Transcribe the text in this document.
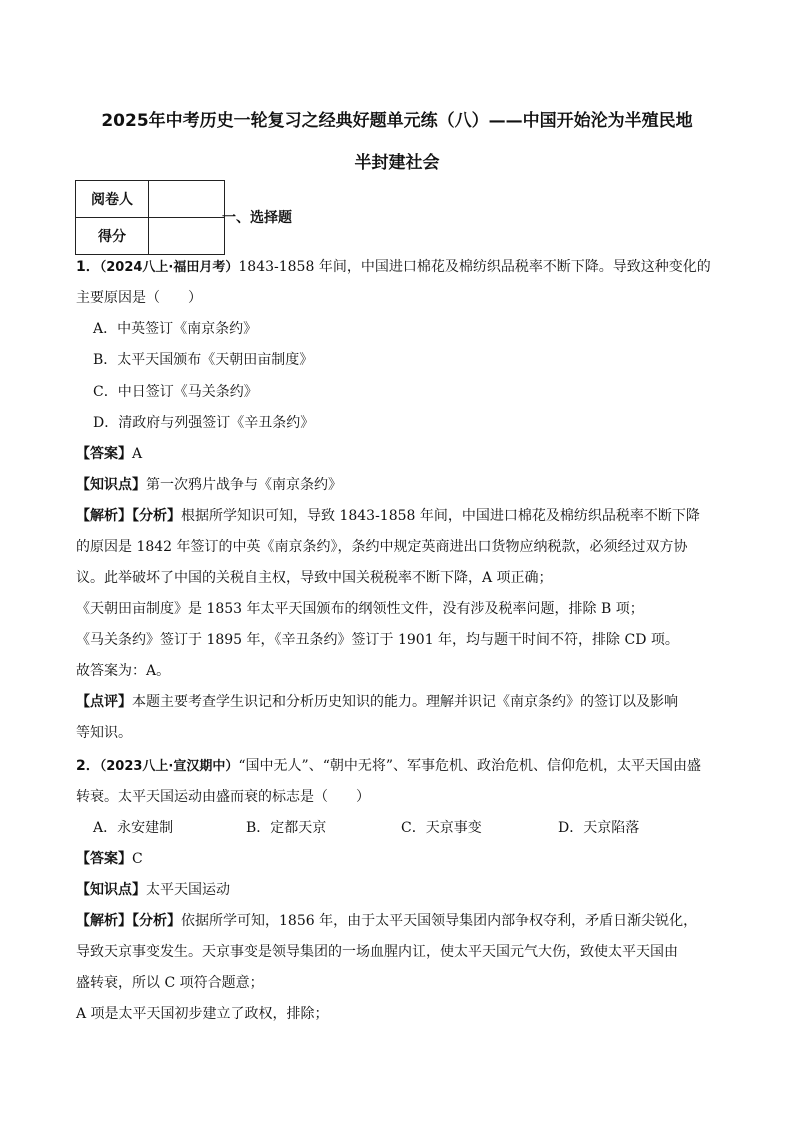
2025年中考历史一轮复习之经典好题单元练（八）——中国开始沦为半殖民地
半封建社会
阅卷人	
得分	
一、选择题
1．（2024八上·福田月考）1843-1858 年间，中国进口棉花及棉纺织品税率不断下降。导致这种变化的
主要原因是（　　）
A．中英签订《南京条约》
B．太平天国颁布《天朝田亩制度》
C．中日签订《马关条约》
D．清政府与列强签订《辛丑条约》
【答案】A
【知识点】第一次鸦片战争与《南京条约》
【解析】【分析】根据所学知识可知，导致 1843-1858 年间，中国进口棉花及棉纺织品税率不断下降
的原因是 1842 年签订的中英《南京条约》，条约中规定英商进出口货物应纳税款，必须经过双方协
议。此举破坏了中国的关税自主权，导致中国关税税率不断下降，A 项正确；
《天朝田亩制度》是 1853 年太平天国颁布的纲领性文件，没有涉及税率问题，排除 B 项；
《马关条约》签订于 1895 年，《辛丑条约》签订于 1901 年，均与题干时间不符，排除 CD 项。
故答案为：A。
【点评】本题主要考查学生识记和分析历史知识的能力。理解并识记《南京条约》的签订以及影响
等知识。
2．（2023八上·宣汉期中）“国中无人”、“朝中无将”、军事危机、政治危机、信仰危机，太平天国由盛
转衰。太平天国运动由盛而衰的标志是（　　）
A．永安建制	B．定都天京	C．天京事变	D．天京陷落
【答案】C
【知识点】太平天国运动
【解析】【分析】依据所学可知，1856 年，由于太平天国领导集团内部争权夺利，矛盾日渐尖锐化，
导致天京事变发生。天京事变是领导集团的一场血腥内讧，使太平天国元气大伤，致使太平天国由
盛转衰，所以 C 项符合题意；
A 项是太平天国初步建立了政权，排除；
